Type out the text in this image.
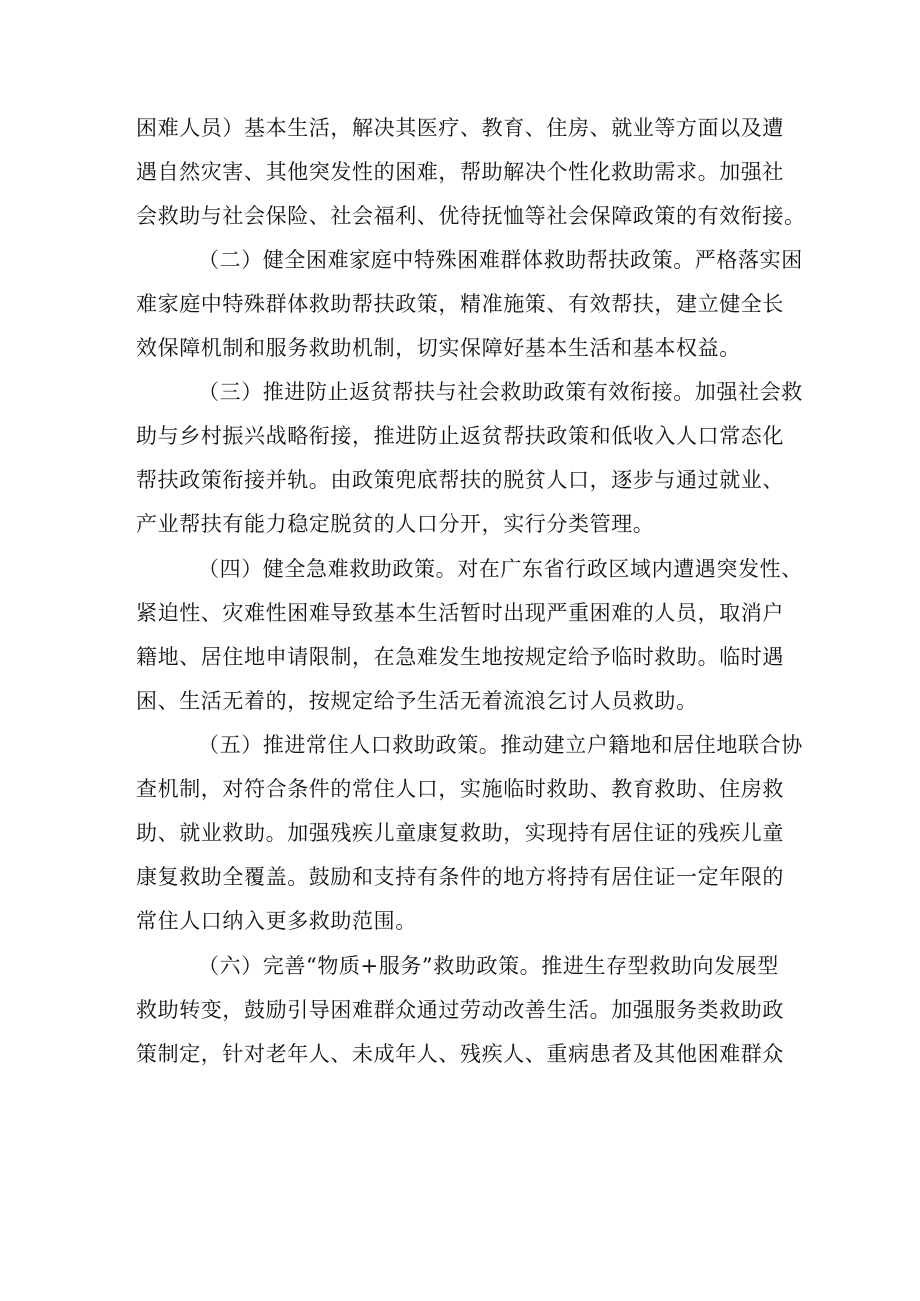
困难人员）基本生活，解决其医疗、教育、住房、就业等方面以及遭
遇自然灾害、其他突发性的困难，帮助解决个性化救助需求。加强社
会救助与社会保险、社会福利、优待抚恤等社会保障政策的有效衔接。
（二）健全困难家庭中特殊困难群体救助帮扶政策。严格落实困
难家庭中特殊群体救助帮扶政策，精准施策、有效帮扶，建立健全长
效保障机制和服务救助机制，切实保障好基本生活和基本权益。
（三）推进防止返贫帮扶与社会救助政策有效衔接。加强社会救
助与乡村振兴战略衔接，推进防止返贫帮扶政策和低收入人口常态化
帮扶政策衔接并轨。由政策兜底帮扶的脱贫人口，逐步与通过就业、
产业帮扶有能力稳定脱贫的人口分开，实行分类管理。
（四）健全急难救助政策。对在广东省行政区域内遭遇突发性、
紧迫性、灾难性困难导致基本生活暂时出现严重困难的人员，取消户
籍地、居住地申请限制，在急难发生地按规定给予临时救助。临时遇
困、生活无着的，按规定给予生活无着流浪乞讨人员救助。
（五）推进常住人口救助政策。推动建立户籍地和居住地联合协
查机制，对符合条件的常住人口，实施临时救助、教育救助、住房救
助、就业救助。加强残疾儿童康复救助，实现持有居住证的残疾儿童
康复救助全覆盖。鼓励和支持有条件的地方将持有居住证一定年限的
常住人口纳入更多救助范围。
（六）完善“物质+服务”救助政策。推进生存型救助向发展型
救助转变，鼓励引导困难群众通过劳动改善生活。加强服务类救助政
策制定，针对老年人、未成年人、残疾人、重病患者及其他困难群众
